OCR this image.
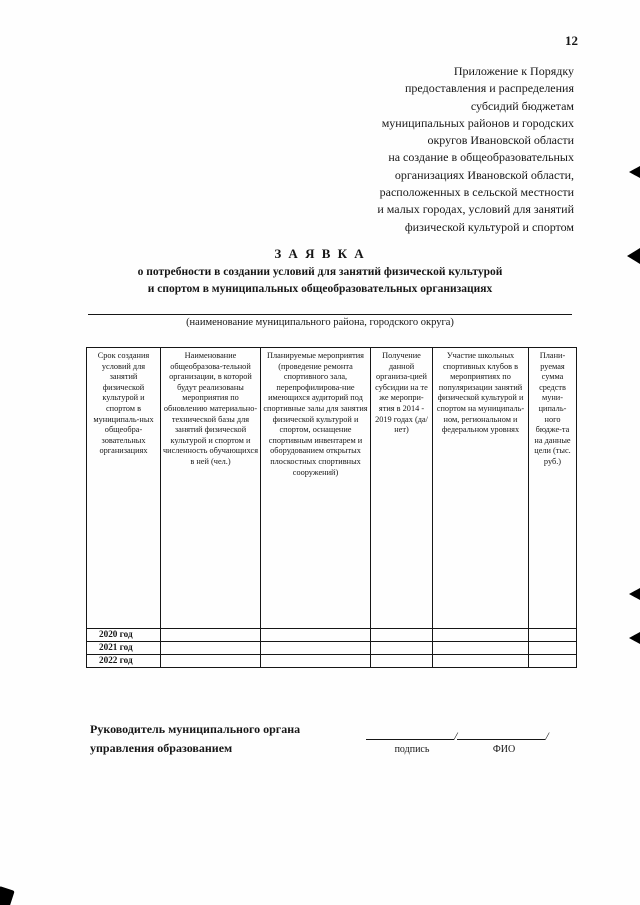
12
Приложение к Порядку
предоставления и распределения
субсидий бюджетам
муниципальных районов и городских
округов Ивановской области
на создание в общеобразовательных
организациях Ивановской области,
расположенных в сельской местности
и малых городах, условий для занятий
физической культурой и спортом
З А Я В К А
о потребности в создании условий для занятий физической культурой
и спортом в муниципальных общеобразовательных организациях
(наименование муниципального района, городского округа)
Срок создания условий для занятий физической культурой и спортом в муниципаль-ных общеобра-зовательных организациях	Наименование общеобразова-тельной организации, в которой будут реализованы мероприятия по обновлению материально-технической базы для занятий физической культурой и спортом и численность обучающихся в ней (чел.)	Планируемые мероприятия (проведение ремонта спортивного зала, перепрофилирова-ние имеющихся аудиторий под спортивные залы для занятия физической культурой и спортом, оснащение спортивным инвентарем и оборудованием открытых плоскостных спортивных сооружений)	Получение данной организа-цией субсидии на те же меропри-ятия в 2014 - 2019 годах (да/нет)	Участие школьных спортивных клубов в мероприятиях по популяризации занятий физической культурой и спортом на муниципаль-ном, региональном и федеральном уровнях	Плани-руемая сумма средств муни-ципаль-ного бюдже-та на данные цели (тыс. руб.)
2020 год					
2021 год					
2022 год					
Руководитель муниципального органа
управления образованием
/	/
подпись	ФИО
